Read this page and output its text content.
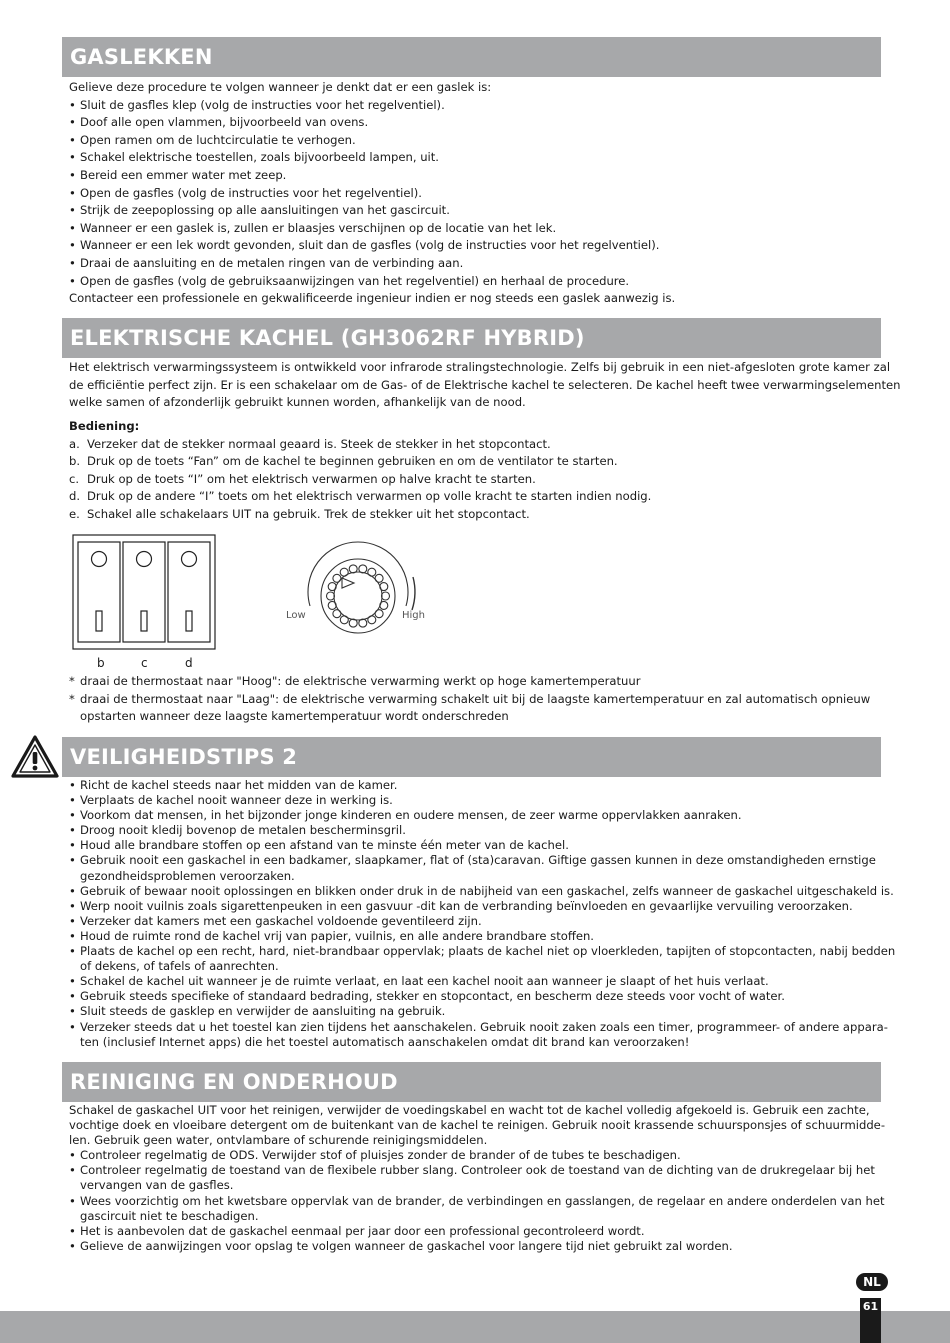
GASLEKKEN
Gelieve deze procedure te volgen wanneer je denkt dat er een gaslek is:
• Sluit de gasfles klep (volg de instructies voor het regelventiel).
• Doof alle open vlammen, bijvoorbeeld van ovens.
• Open ramen om de luchtcirculatie te verhogen.
• Schakel elektrische toestellen, zoals bijvoorbeeld lampen, uit.
• Bereid een emmer water met zeep.
• Open de gasfles (volg de instructies voor het regelventiel).
• Strijk de zeepoplossing op alle aansluitingen van het gascircuit.
• Wanneer er een gaslek is, zullen er blaasjes verschijnen op de locatie van het lek.
• Wanneer er een lek wordt gevonden, sluit dan de gasfles (volg de instructies voor het regelventiel).
• Draai de aansluiting en de metalen ringen van de verbinding aan.
• Open de gasfles (volg de gebruiksaanwijzingen van het regelventiel) en herhaal de procedure.
Contacteer een professionele en gekwalificeerde ingenieur indien er nog steeds een gaslek aanwezig is.
ELEKTRISCHE KACHEL (GH3062RF HYBRID)
Het elektrisch verwarmingssysteem is ontwikkeld voor infrarode stralingstechnologie. Zelfs bij gebruik in een niet-afgesloten grote kamer zal
de efficiëntie perfect zijn. Er is een schakelaar om de Gas- of de Elektrische kachel te selecteren. De kachel heeft twee verwarmingselementen
welke samen of afzonderlijk gebruikt kunnen worden, afhankelijk van de nood.
Bediening:
a. Verzeker dat de stekker normaal geaard is. Steek de stekker in het stopcontact.
b. Druk op de toets “Fan” om de kachel te beginnen gebruiken en om de ventilator te starten.
c. Druk op de toets “I” om het elektrisch verwarmen op halve kracht te starten.
d. Druk op de andere “I” toets om het elektrisch verwarmen op volle kracht te starten indien nodig.
e. Schakel alle schakelaars UIT na gebruik. Trek de stekker uit het stopcontact.
b	c	d
Low	High
* draai de thermostaat naar "Hoog": de elektrische verwarming werkt op hoge kamertemperatuur
* draai de thermostaat naar "Laag": de elektrische verwarming schakelt uit bij de laagste kamertemperatuur en zal automatisch opnieuw
opstarten wanneer deze laagste kamertemperatuur wordt onderschreden
VEILIGHEIDSTIPS 2
• Richt de kachel steeds naar het midden van de kamer.
• Verplaats de kachel nooit wanneer deze in werking is.
• Voorkom dat mensen, in het bijzonder jonge kinderen en oudere mensen, de zeer warme oppervlakken aanraken.
• Droog nooit kledij bovenop de metalen bescherminsgril.
• Houd alle brandbare stoffen op een afstand van te minste één meter van de kachel.
• Gebruik nooit een gaskachel in een badkamer, slaapkamer, flat of (sta)caravan. Giftige gassen kunnen in deze omstandigheden ernstige
gezondheidsproblemen veroorzaken.
• Gebruik of bewaar nooit oplossingen en blikken onder druk in de nabijheid van een gaskachel, zelfs wanneer de gaskachel uitgeschakeld is.
• Werp nooit vuilnis zoals sigarettenpeuken in een gasvuur -dit kan de verbranding beïnvloeden en gevaarlijke vervuiling veroorzaken.
• Verzeker dat kamers met een gaskachel voldoende geventileerd zijn.
• Houd de ruimte rond de kachel vrij van papier, vuilnis, en alle andere brandbare stoffen.
• Plaats de kachel op een recht, hard, niet-brandbaar oppervlak; plaats de kachel niet op vloerkleden, tapijten of stopcontacten, nabij bedden
of dekens, of tafels of aanrechten.
• Schakel de kachel uit wanneer je de ruimte verlaat, en laat een kachel nooit aan wanneer je slaapt of het huis verlaat.
• Gebruik steeds specifieke of standaard bedrading, stekker en stopcontact, en bescherm deze steeds voor vocht of water.
• Sluit steeds de gasklep en verwijder de aansluiting na gebruik.
• Verzeker steeds dat u het toestel kan zien tijdens het aanschakelen. Gebruik nooit zaken zoals een timer, programmeer- of andere appara-
ten (inclusief Internet apps) die het toestel automatisch aanschakelen omdat dit brand kan veroorzaken!
REINIGING EN ONDERHOUD
Schakel de gaskachel UIT voor het reinigen, verwijder de voedingskabel en wacht tot de kachel volledig afgekoeld is. Gebruik een zachte,
vochtige doek en vloeibare detergent om de buitenkant van de kachel te reinigen. Gebruik nooit krassende schuursponsjes of schuurmidde-
len. Gebruik geen water, ontvlambare of schurende reinigingsmiddelen.
• Controleer regelmatig de ODS. Verwijder stof of pluisjes zonder de brander of de tubes te beschadigen.
• Controleer regelmatig de toestand van de flexibele rubber slang. Controleer ook de toestand van de dichting van de drukregelaar bij het
vervangen van de gasfles.
• Wees voorzichtig om het kwetsbare oppervlak van de brander, de verbindingen en gasslangen, de regelaar en andere onderdelen van het
gascircuit niet te beschadigen.
• Het is aanbevolen dat de gaskachel eenmaal per jaar door een professional gecontroleerd wordt.
• Gelieve de aanwijzingen voor opslag te volgen wanneer de gaskachel voor langere tijd niet gebruikt zal worden.
NL
61
